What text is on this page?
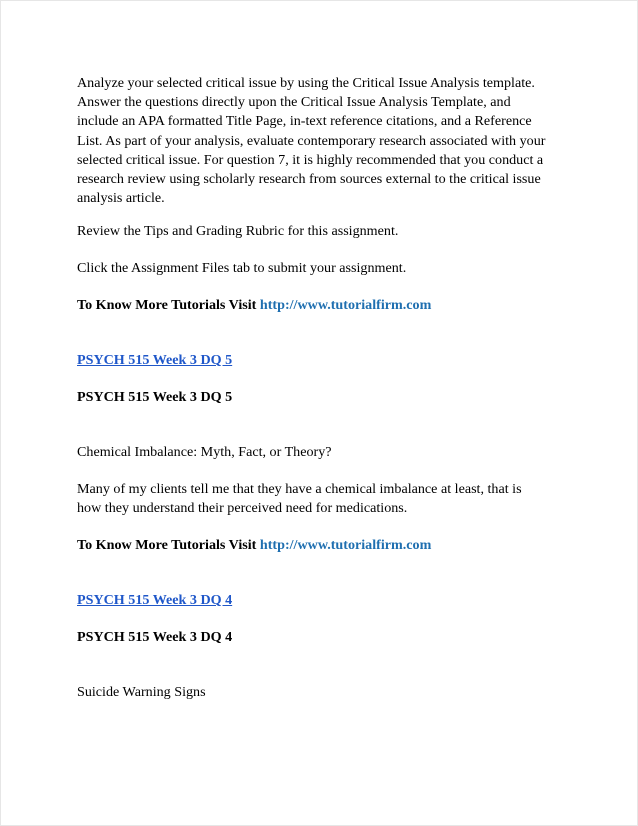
Analyze your selected critical issue by using the Critical Issue Analysis template.

Answer the questions directly upon the Critical Issue Analysis Template, and

include an APA formatted Title Page, in-text reference citations, and a Reference

List. As part of your analysis, evaluate contemporary research associated with your

selected critical issue. For question 7, it is highly recommended that you conduct a

research review using scholarly research from sources external to the critical issue

analysis article.

Review the Tips and Grading Rubric for this assignment.

Click the Assignment Files tab to submit your assignment.

To Know More Tutorials Visit http://www.tutorialfirm.com

PSYCH 515 Week 3 DQ 5

PSYCH 515 Week 3 DQ 5

Chemical Imbalance: Myth, Fact, or Theory?

Many of my clients tell me that they have a chemical imbalance at least, that is

how they understand their perceived need for medications.

To Know More Tutorials Visit http://www.tutorialfirm.com

PSYCH 515 Week 3 DQ 4

PSYCH 515 Week 3 DQ 4

Suicide Warning Signs
